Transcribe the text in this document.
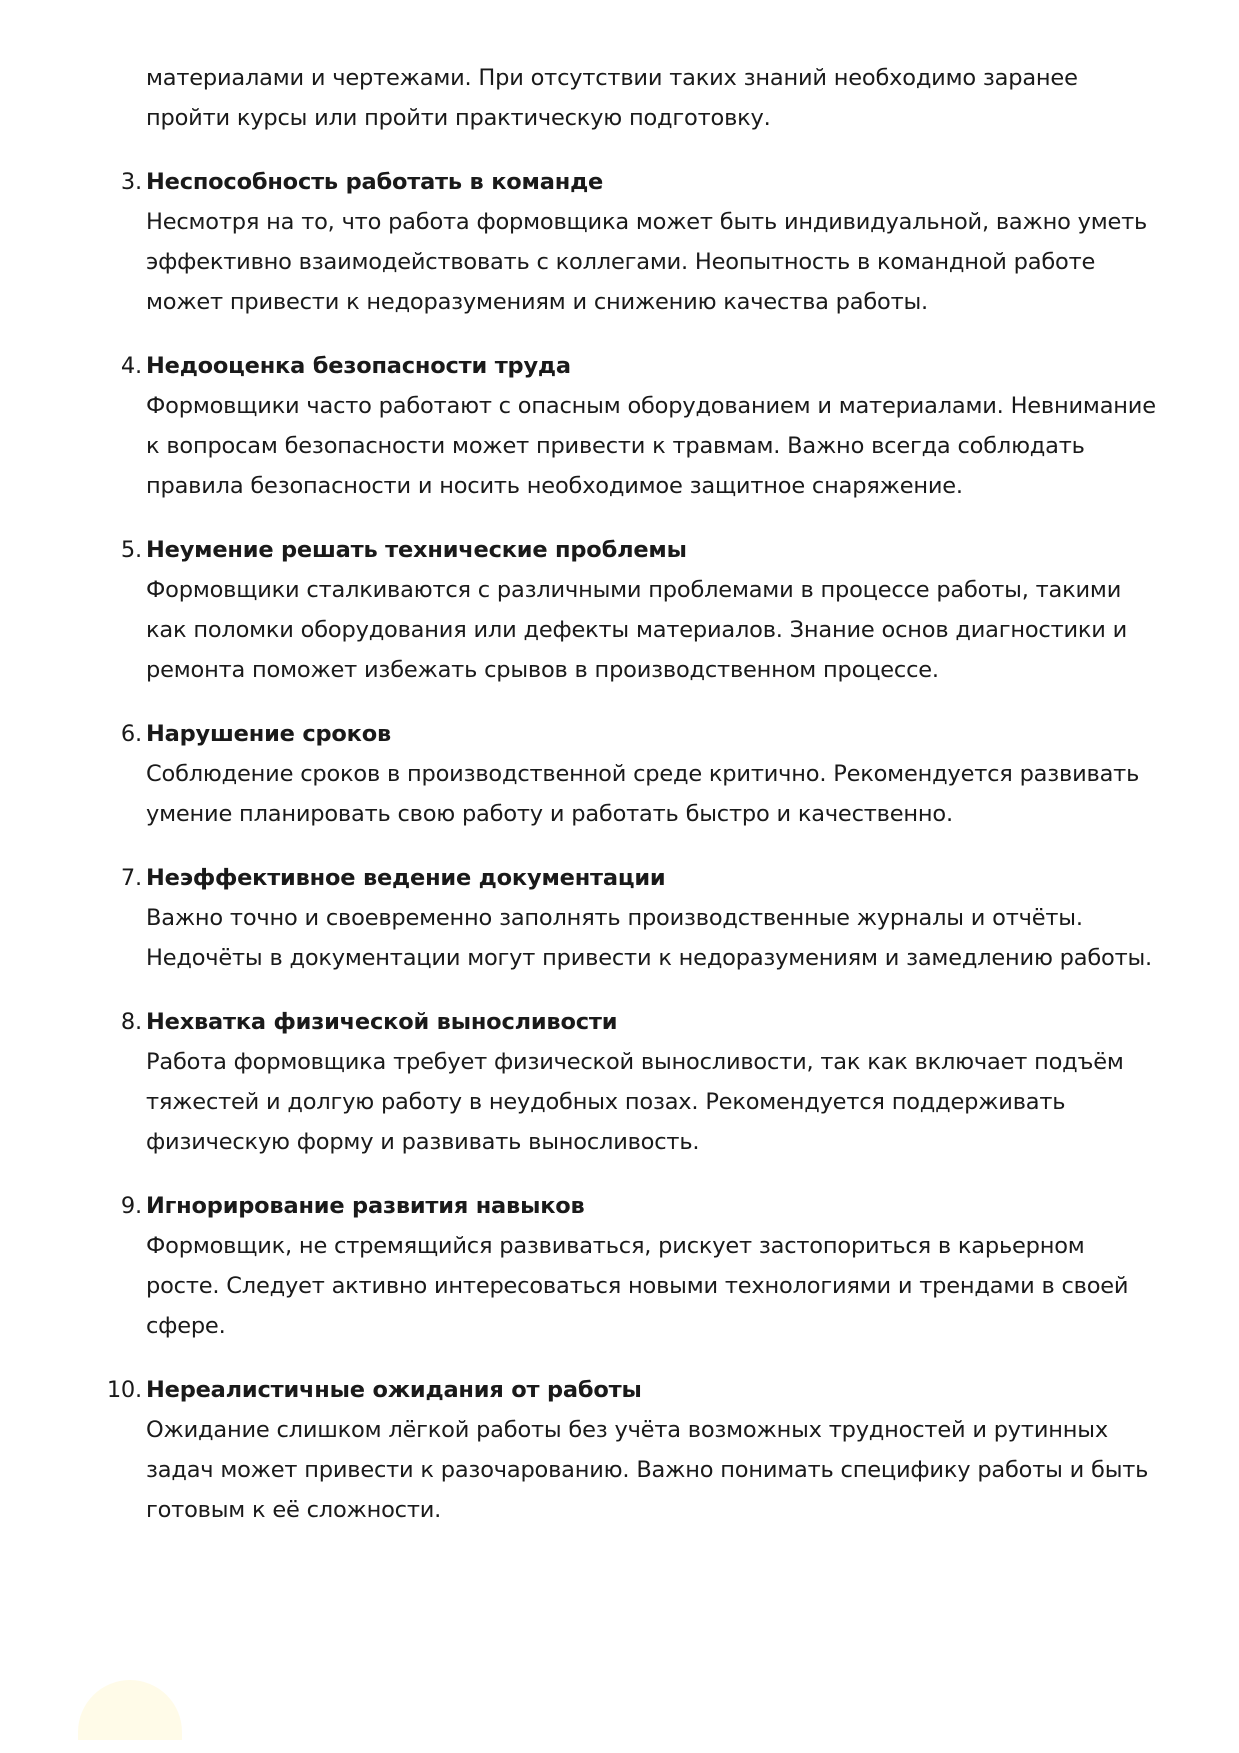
материалами и чертежами. При отсутствии таких знаний необходимо заранее пройти курсы или пройти практическую подготовку.

3. Неспособность работать в команде
Несмотря на то, что работа формовщика может быть индивидуальной, важно уметь эффективно взаимодействовать с коллегами. Неопытность в командной работе может привести к недоразумениям и снижению качества работы.
4. Недооценка безопасности труда
Формовщики часто работают с опасным оборудованием и материалами. Невнимание к вопросам безопасности может привести к травмам. Важно всегда соблюдать правила безопасности и носить необходимое защитное снаряжение.
5. Неумение решать технические проблемы
Формовщики сталкиваются с различными проблемами в процессе работы, такими как поломки оборудования или дефекты материалов. Знание основ диагностики и ремонта поможет избежать срывов в производственном процессе.
6. Нарушение сроков
Соблюдение сроков в производственной среде критично. Рекомендуется развивать умение планировать свою работу и работать быстро и качественно.
7. Неэффективное ведение документации
Важно точно и своевременно заполнять производственные журналы и отчёты. Недочёты в документации могут привести к недоразумениям и замедлению работы.
8. Нехватка физической выносливости
Работа формовщика требует физической выносливости, так как включает подъём тяжестей и долгую работу в неудобных позах. Рекомендуется поддерживать физическую форму и развивать выносливость.
9. Игнорирование развития навыков
Формовщик, не стремящийся развиваться, рискует застопориться в карьерном росте. Следует активно интересоваться новыми технологиями и трендами в своей сфере.
10. Нереалистичные ожидания от работы
Ожидание слишком лёгкой работы без учёта возможных трудностей и рутинных задач может привести к разочарованию. Важно понимать специфику работы и быть готовым к её сложности.
